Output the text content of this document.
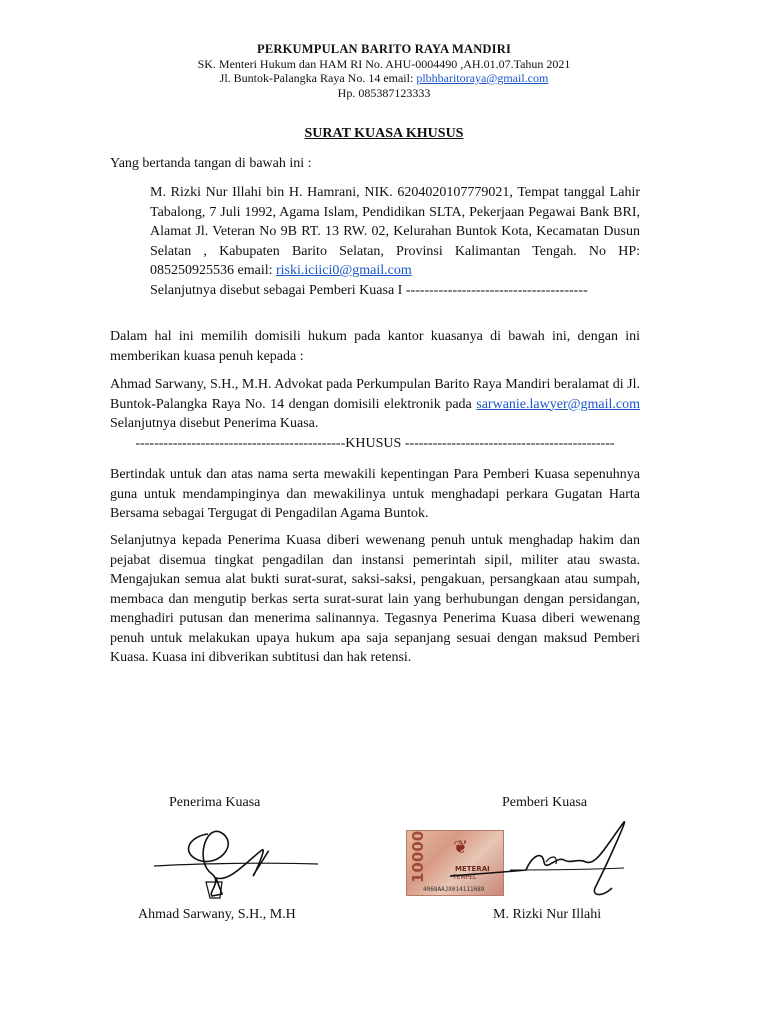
PERKUMPULAN BARITO RAYA MANDIRI
SK. Menteri Hukum dan HAM RI No. AHU-0004490 ,AH.01.07.Tahun 2021
Jl. Buntok-Palangka Raya No. 14 email: plbhbaritoraya@gmail.com
Hp. 085387123333
SURAT KUASA KHUSUS
Yang bertanda tangan di bawah ini :

M. Rizki Nur Illahi bin H. Hamrani, NIK. 6204020107779021, Tempat tanggal Lahir Tabalong, 7 Juli 1992, Agama Islam, Pendidikan SLTA, Pekerjaan Pegawai Bank BRI, Alamat Jl. Veteran No 9B RT. 13 RW. 02, Kelurahan Buntok Kota, Kecamatan Dusun Selatan , Kabupaten Barito Selatan, Provinsi Kalimantan Tengah. No HP: 085250925536 email: riski.iciici0@gmail.com

Selanjutnya disebut sebagai Pemberi Kuasa I ---------------------------------------

Dalam hal ini memilih domisili hukum pada kantor kuasanya di bawah ini, dengan ini memberikan kuasa penuh kepada :

Ahmad Sarwany, S.H., M.H. Advokat pada Perkumpulan Barito Raya Mandiri beralamat di Jl. Buntok-Palangka Raya No. 14 dengan domisili elektronik pada sarwanie.lawyer@gmail.com Selanjutnya disebut Penerima Kuasa.

---------------------------------------------KHUSUS ---------------------------------------------
Bertindak untuk dan atas nama serta mewakili kepentingan Para Pemberi Kuasa sepenuhnya guna untuk mendampinginya dan mewakilinya untuk menghadapi perkara Gugatan Harta Bersama sebagai Tergugat di Pengadilan Agama Buntok.
Selanjutnya kepada Penerima Kuasa diberi wewenang penuh untuk menghadap hakim dan pejabat disemua tingkat pengadilan dan instansi pemerintah sipil, militer atau swasta. Mengajukan semua alat bukti surat-surat, saksi-saksi, pengakuan, persangkaan atau sumpah, membaca dan mengutip berkas serta surat-surat lain yang berhubungan dengan persidangan, menghadiri putusan dan menerima salinannya. Tegasnya Penerima Kuasa diberi wewenang penuh untuk melakukan upaya hukum apa saja sepanjang sesuai dengan maksud Pemberi Kuasa. Kuasa ini dibverikan subtitusi dan hak retensi.
Penerima Kuasa	Pemberi Kuasa
10000 ❦
METERAI
TEMPEL
4068AAJX014111689
Ahmad Sarwany, S.H., M.H	M. Rizki Nur Illahi
